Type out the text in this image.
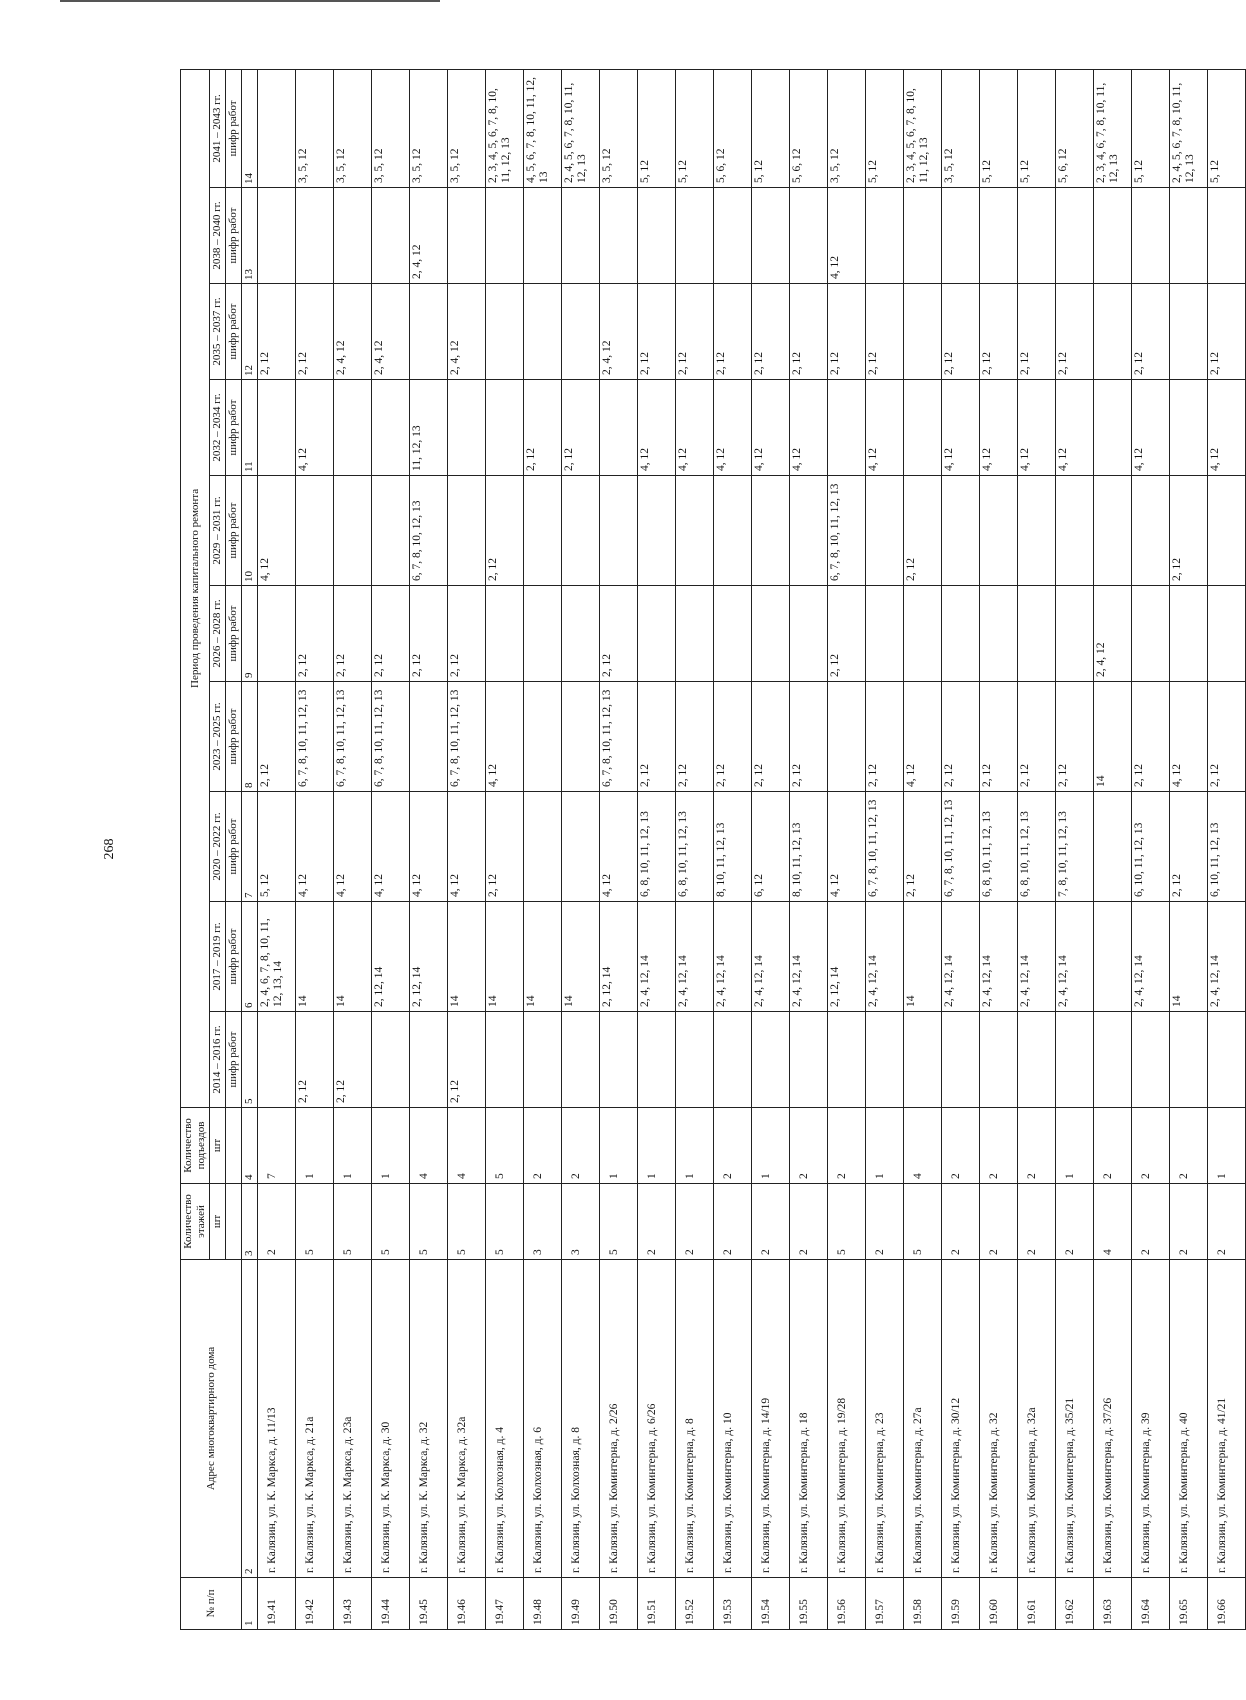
268
№ п/п	Адрес многоквартирного дома	Количество этажей	Количество подъездов	Период проведения капитального ремонта									
		шт	шт	2014 – 2016 гг.	2017 – 2019 гг.	2020 – 2022 гг.	2023 – 2025 гг.	2026 – 2028 гг.	2029 – 2031 гг.	2032 – 2034 гг.	2035 – 2037 гг.	2038 – 2040 гг.	2041 – 2043 гг.
				шифр работ	шифр работ	шифр работ	шифр работ	шифр работ	шифр работ	шифр работ	шифр работ	шифр работ	шифр работ
1	2	3	4	5	6	7	8	9	10	11	12	13	14
19.41	г. Калязин, ул. К. Маркса, д. 11/13	2	7		2, 4, 6, 7, 8, 10, 11, 12, 13, 14	5, 12	2, 12		4, 12		2, 12		
19.42	г. Калязин, ул. К. Маркса, д. 21а	5	1	2, 12	14	4, 12	6, 7, 8, 10, 11, 12, 13	2, 12		4, 12	2, 12		3, 5, 12
19.43	г. Калязин, ул. К. Маркса, д. 23а	5	1	2, 12	14	4, 12	6, 7, 8, 10, 11, 12, 13	2, 12			2, 4, 12		3, 5, 12
19.44	г. Калязин, ул. К. Маркса, д. 30	5	1		2, 12, 14	4, 12	6, 7, 8, 10, 11, 12, 13	2, 12			2, 4, 12		3, 5, 12
19.45	г. Калязин, ул. К. Маркса, д. 32	5	4		2, 12, 14	4, 12		2, 12	6, 7, 8, 10, 12, 13	11, 12, 13		2, 4, 12	3, 5, 12
19.46	г. Калязин, ул. К. Маркса, д. 32а	5	4	2, 12	14	4, 12	6, 7, 8, 10, 11, 12, 13	2, 12			2, 4, 12		3, 5, 12
19.47	г. Калязин, ул. Колхозная, д. 4	5	5		14	2, 12	4, 12		2, 12				2, 3, 4, 5, 6, 7, 8, 10, 11, 12, 13
19.48	г. Калязин, ул. Колхозная, д. 6	3	2		14					2, 12			4, 5, 6, 7, 8, 10, 11, 12, 13
19.49	г. Калязин, ул. Колхозная, д. 8	3	2		14					2, 12			2, 4, 5, 6, 7, 8, 10, 11, 12, 13
19.50	г. Калязин, ул. Коминтерна, д. 2/26	5	1		2, 12, 14	4, 12	6, 7, 8, 10, 11, 12, 13	2, 12			2, 4, 12		3, 5, 12
19.51	г. Калязин, ул. Коминтерна, д. 6/26	2	1		2, 4, 12, 14	6, 8, 10, 11, 12, 13	2, 12			4, 12	2, 12		5, 12
19.52	г. Калязин, ул. Коминтерна, д. 8	2	1		2, 4, 12, 14	6, 8, 10, 11, 12, 13	2, 12			4, 12	2, 12		5, 12
19.53	г. Калязин, ул. Коминтерна, д. 10	2	2		2, 4, 12, 14	8, 10, 11, 12, 13	2, 12			4, 12	2, 12		5, 6, 12
19.54	г. Калязин, ул. Коминтерна, д. 14/19	2	1		2, 4, 12, 14	6, 12	2, 12			4, 12	2, 12		5, 12
19.55	г. Калязин, ул. Коминтерна, д. 18	2	2		2, 4, 12, 14	8, 10, 11, 12, 13	2, 12			4, 12	2, 12		5, 6, 12
19.56	г. Калязин, ул. Коминтерна, д. 19/28	5	2		2, 12, 14	4, 12		2, 12	6, 7, 8, 10, 11, 12, 13		2, 12	4, 12	3, 5, 12
19.57	г. Калязин, ул. Коминтерна, д. 23	2	1		2, 4, 12, 14	6, 7, 8, 10, 11, 12, 13	2, 12			4, 12	2, 12		5, 12
19.58	г. Калязин, ул. Коминтерна, д. 27а	5	4		14	2, 12	4, 12		2, 12				2, 3, 4, 5, 6, 7, 8, 10, 11, 12, 13
19.59	г. Калязин, ул. Коминтерна, д. 30/12	2	2		2, 4, 12, 14	6, 7, 8, 10, 11, 12, 13	2, 12			4, 12	2, 12		3, 5, 12
19.60	г. Калязин, ул. Коминтерна, д. 32	2	2		2, 4, 12, 14	6, 8, 10, 11, 12, 13	2, 12			4, 12	2, 12		5, 12
19.61	г. Калязин, ул. Коминтерна, д. 32а	2	2		2, 4, 12, 14	6, 8, 10, 11, 12, 13	2, 12			4, 12	2, 12		5, 12
19.62	г. Калязин, ул. Коминтерна, д. 35/21	2	1		2, 4, 12, 14	7, 8, 10, 11, 12, 13	2, 12			4, 12	2, 12		5, 6, 12
19.63	г. Калязин, ул. Коминтерна, д. 37/26	4	2				14	2, 4, 12					2, 3, 4, 6, 7, 8, 10, 11, 12, 13
19.64	г. Калязин, ул. Коминтерна, д. 39	2	2		2, 4, 12, 14	6, 10, 11, 12, 13	2, 12			4, 12	2, 12		5, 12
19.65	г. Калязин, ул. Коминтерна, д. 40	2	2		14	2, 12	4, 12		2, 12				2, 4, 5, 6, 7, 8, 10, 11, 12, 13
19.66	г. Калязин, ул. Коминтерна, д. 41/21	2	1		2, 4, 12, 14	6, 10, 11, 12, 13	2, 12			4, 12	2, 12		5, 12
